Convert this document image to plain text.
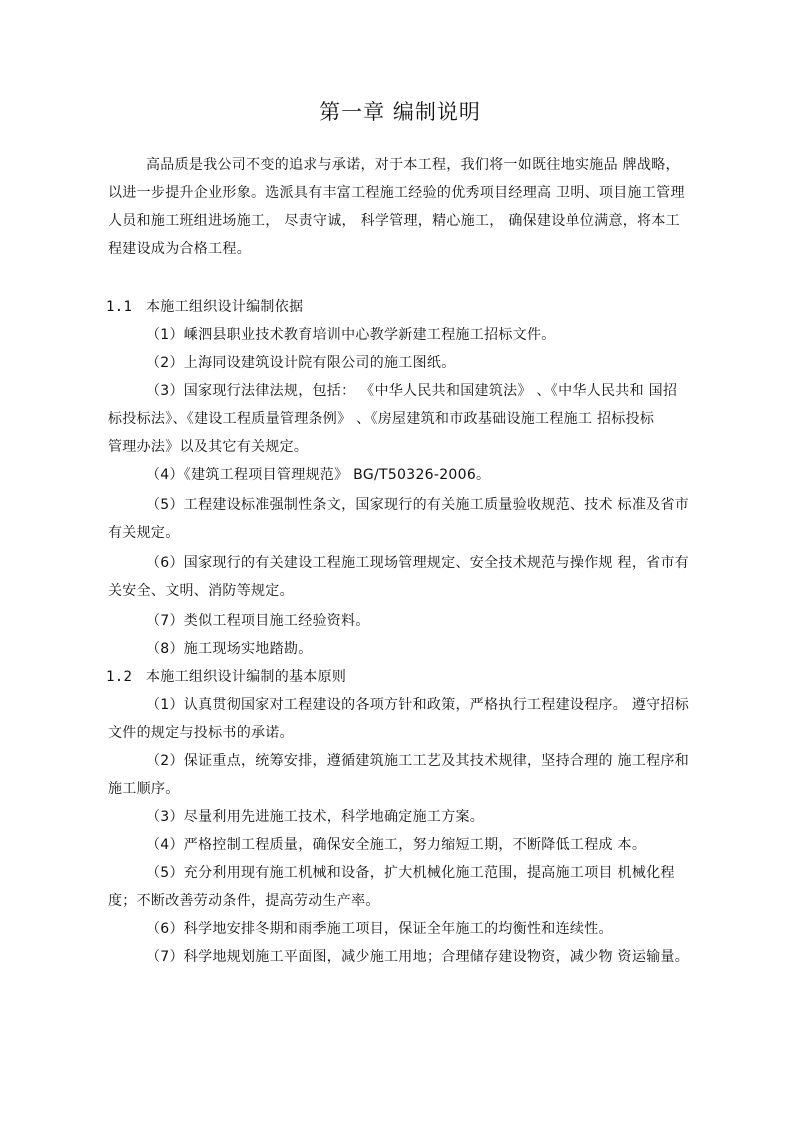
第一章 编制说明
高品质是我公司不变的追求与承诺，对于本工程，我们将一如既往地实施品 牌战略，
以进一步提升企业形象。选派具有丰富工程施工经验的优秀项目经理高 卫明、项目施工管理
人员和施工班组进场施工， 尽责守诚， 科学管理，精心施工， 确保建设单位满意，将本工
程建设成为合格工程。
1.1 本施工组织设计编制依据
（1）嵊泗县职业技术教育培训中心教学新建工程施工招标文件。
（2）上海同设建筑设计院有限公司的施工图纸。
（3）国家现行法律法规，包括： 《中华人民共和国建筑法》 、《中华人民共和 国招
标投标法》、《建设工程质量管理条例》 、《房屋建筑和市政基础设施工程施工 招标投标
管理办法》以及其它有关规定。
（4）《建筑工程项目管理规范》 BG/T50326-2006。
（5）工程建设标准强制性条文，国家现行的有关施工质量验收规范、技术 标准及省市
有关规定。
（6）国家现行的有关建设工程施工现场管理规定、安全技术规范与操作规 程，省市有
关安全、文明、消防等规定。
（7）类似工程项目施工经验资料。
（8）施工现场实地踏勘。
1.2 本施工组织设计编制的基本原则
（1）认真贯彻国家对工程建设的各项方针和政策，严格执行工程建设程序。 遵守招标
文件的规定与投标书的承诺。
（2）保证重点，统筹安排，遵循建筑施工工艺及其技术规律，坚持合理的 施工程序和
施工顺序。
（3）尽量利用先进施工技术，科学地确定施工方案。
（4）严格控制工程质量，确保安全施工，努力缩短工期，不断降低工程成 本。
（5）充分利用现有施工机械和设备，扩大机械化施工范围，提高施工项目 机械化程
度；不断改善劳动条件，提高劳动生产率。
（6）科学地安排冬期和雨季施工项目，保证全年施工的均衡性和连续性。
（7）科学地规划施工平面图，减少施工用地；合理储存建设物资，减少物 资运输量。
